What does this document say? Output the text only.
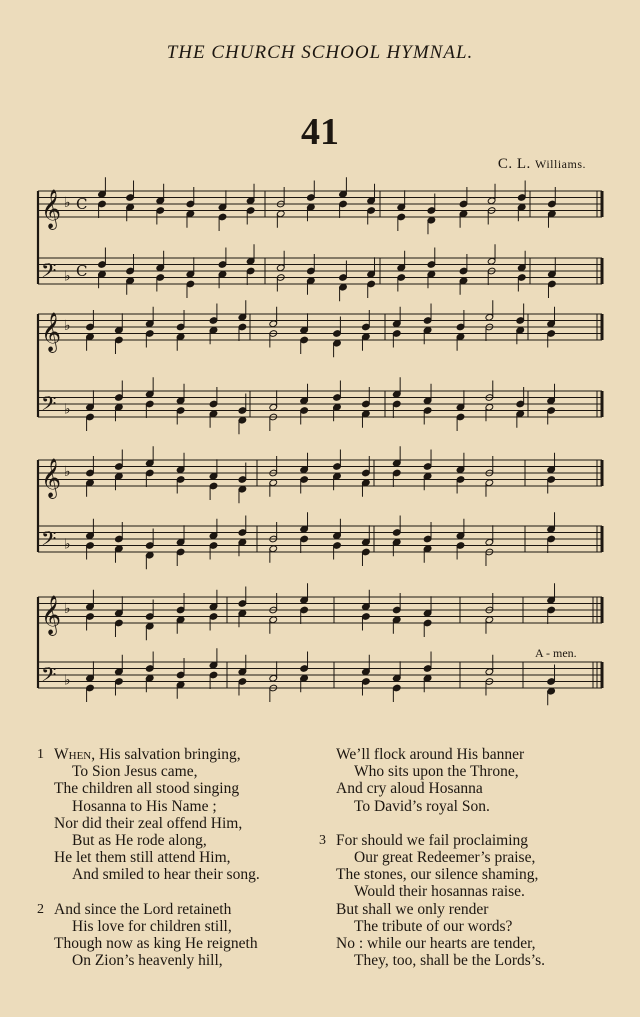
THE CHURCH SCHOOL HYMNAL.
41
C. L. Williams.
𝄞 ♭ C
𝄢 ♭ C
𝄞 ♭
𝄢 ♭
𝄞 ♭
𝄢 ♭
𝄞 ♭
𝄢 ♭
A - men.
1 When, His salvation bringing,
To Sion Jesus came,
The children all stood singing
Hosanna to His Name ;
Nor did their zeal offend Him,
But as He rode along,
He let them still attend Him,
And smiled to hear their song.
2 And since the Lord retaineth
His love for children still,
Though now as king He reigneth
On Zion’s heavenly hill,
We’ll flock around His banner
Who sits upon the Throne,
And cry aloud Hosanna
To David’s royal Son.
3 For should we fail proclaiming
Our great Redeemer’s praise,
The stones, our silence shaming,
Would their hosannas raise.
But shall we only render
The tribute of our words?
No : while our hearts are tender,
They, too, shall be the Lords’s.
